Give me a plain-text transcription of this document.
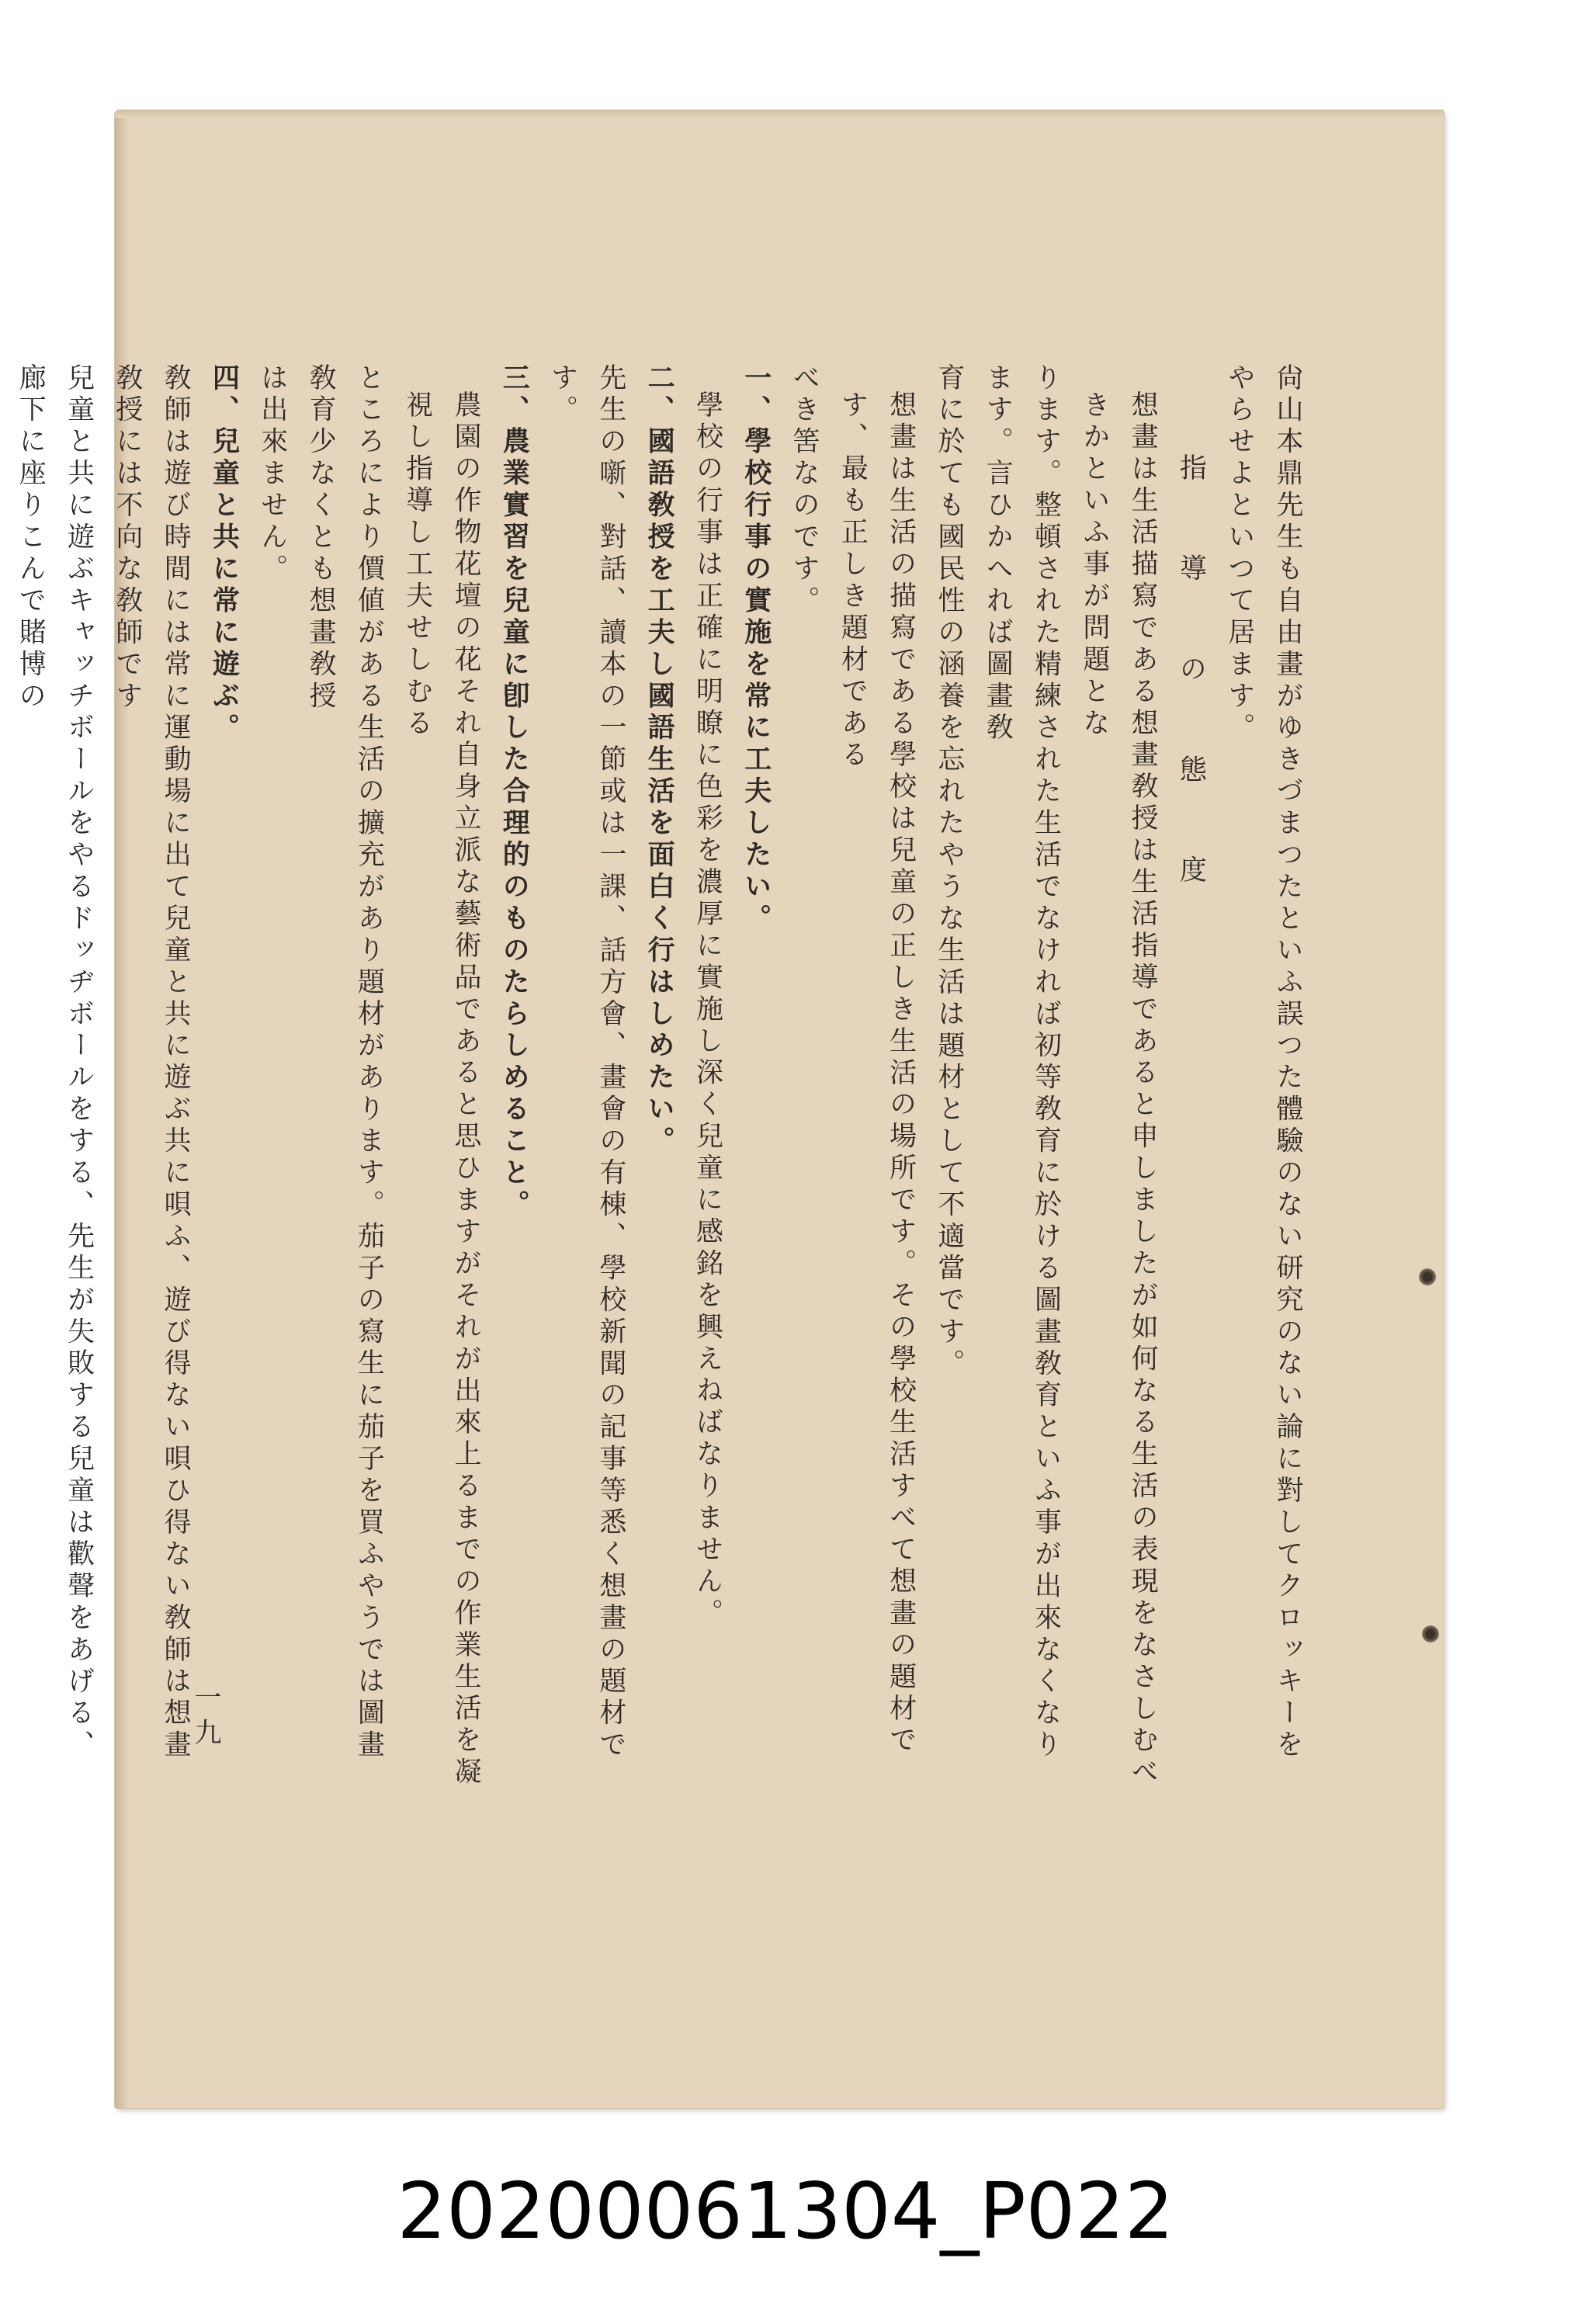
尙山本鼎先生も自由畫がゆきづまつたといふ誤つた體驗のない研究のない論に對してクロッキーをやらせよといつて居ます。

指　導　の　態　度

想畫は生活描寫である想畫敎授は生活指導であると申しましたが如何なる生活の表現をなさしむべきかといふ事が問題とな

ります。整頓された精練された生活でなければ初等敎育に於ける圖畫敎育といふ事が出來なくなります。言ひかへれば圖畫敎

育に於ても國民性の涵養を忘れたやうな生活は題材として不適當です。

想畫は生活の描寫である學校は兒童の正しき生活の場所です。その學校生活すべて想畫の題材です、最も正しき題材である

べき筈なのです。

一、學校行事の實施を常に工夫したい。

學校の行事は正確に明瞭に色彩を濃厚に實施し深く兒童に感銘を興えねばなりません。

二、國語敎授を工夫し國語生活を面白く行はしめたい。

先生の噺、對話、讀本の一節或は一課、話方會、畫會の有棟、學校新聞の記事等悉く想畫の題材です。

三、農業實習を兒童に卽した合理的のものたらしめること。

農園の作物花壇の花それ自身立派な藝術品であると思ひますがそれが出來上るまでの作業生活を凝視し指導し工夫せしむる

ところにより價値がある生活の擴充があり題材があります。茄子の寫生に茄子を買ふやうでは圖畫敎育少なくとも想畫敎授

は出來ません。

四、兒童と共に常に遊ぶ。

敎師は遊び時間には常に運動場に出て兒童と共に遊ぶ共に唄ふ、遊び得ない唄ひ得ない敎師は想畫敎授には不向な敎師です

兒童と共に遊ぶキャッチボールをやるドッヂボールをする、先生が失敗する兒童は歡聲をあげる、廊下に座りこんで賭博の

一九
20200061304_P022
